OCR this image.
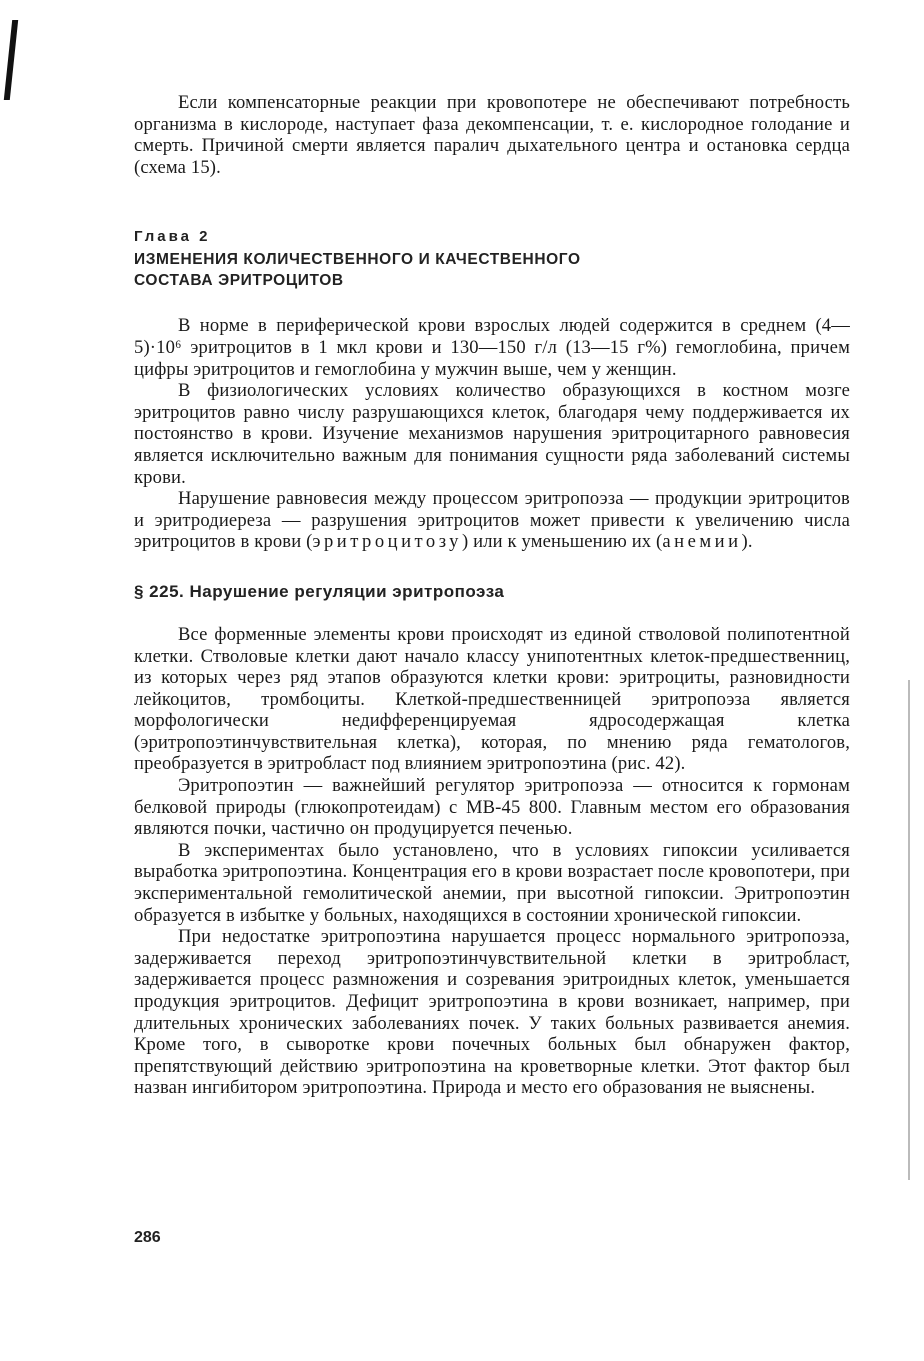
Если компенсаторные реакции при кровопотере не обеспечивают потребность организма в кислороде, наступает фаза декомпенсации, т. е. кислородное голодание и смерть. Причиной смерти является паралич дыхательного центра и остановка сердца (схема 15).

Глава 2

ИЗМЕНЕНИЯ КОЛИЧЕСТВЕННОГО И КАЧЕСТВЕННОГО
СОСТАВА ЭРИТРОЦИТОВ

В норме в периферической крови взрослых людей содержится в среднем (4—5)·10⁶ эритроцитов в 1 мкл крови и 130—150 г/л (13—15 г%) гемоглобина, причем цифры эритроцитов и гемоглобина у мужчин выше, чем у женщин.

В физиологических условиях количество образующихся в костном мозге эритроцитов равно числу разрушающихся клеток, благодаря чему поддерживается их постоянство в крови. Изучение механизмов нарушения эритроцитарного равновесия является исключительно важным для понимания сущности ряда заболеваний системы крови.

Нарушение равновесия между процессом эритропоэза — продукции эритроцитов и эритродиереза — разрушения эритроцитов может привести к увеличению числа эритроцитов в крови (эритроцитозу) или к уменьшению их (анемии).

§ 225. Нарушение регуляции эритропоэза

Все форменные элементы крови происходят из единой стволовой полипотентной клетки. Стволовые клетки дают начало классу унипотентных клеток-предшественниц, из которых через ряд этапов образуются клетки крови: эритроциты, разновидности лейкоцитов, тромбоциты. Клеткой-предшественницей эритропоэза является морфологически недифференцируемая ядросодержащая клетка (эритропоэтинчувствительная клетка), которая, по мнению ряда гематологов, преобразуется в эритробласт под влиянием эритропоэтина (рис. 42).

Эритропоэтин — важнейший регулятор эритропоэза — относится к гормонам белковой природы (глюкопротеидам) с МВ-45 800. Главным местом его образования являются почки, частично он продуцируется печенью.

В экспериментах было установлено, что в условиях гипоксии усиливается выработка эритропоэтина. Концентрация его в крови возрастает после кровопотери, при экспериментальной гемолитической анемии, при высотной гипоксии. Эритропоэтин образуется в избытке у больных, находящихся в состоянии хронической гипоксии.

При недостатке эритропоэтина нарушается процесс нормального эритропоэза, задерживается переход эритропоэтинчувствительной клетки в эритробласт, задерживается процесс размножения и созревания эритроидных клеток, уменьшается продукция эритроцитов. Дефицит эритропоэтина в крови возникает, например, при длительных хронических заболеваниях почек. У таких больных развивается анемия. Кроме того, в сыворотке крови почечных больных был обнаружен фактор, препятствующий действию эритропоэтина на кроветворные клетки. Этот фактор был назван ингибитором эритропоэтина. Природа и место его образования не выяснены.

286
